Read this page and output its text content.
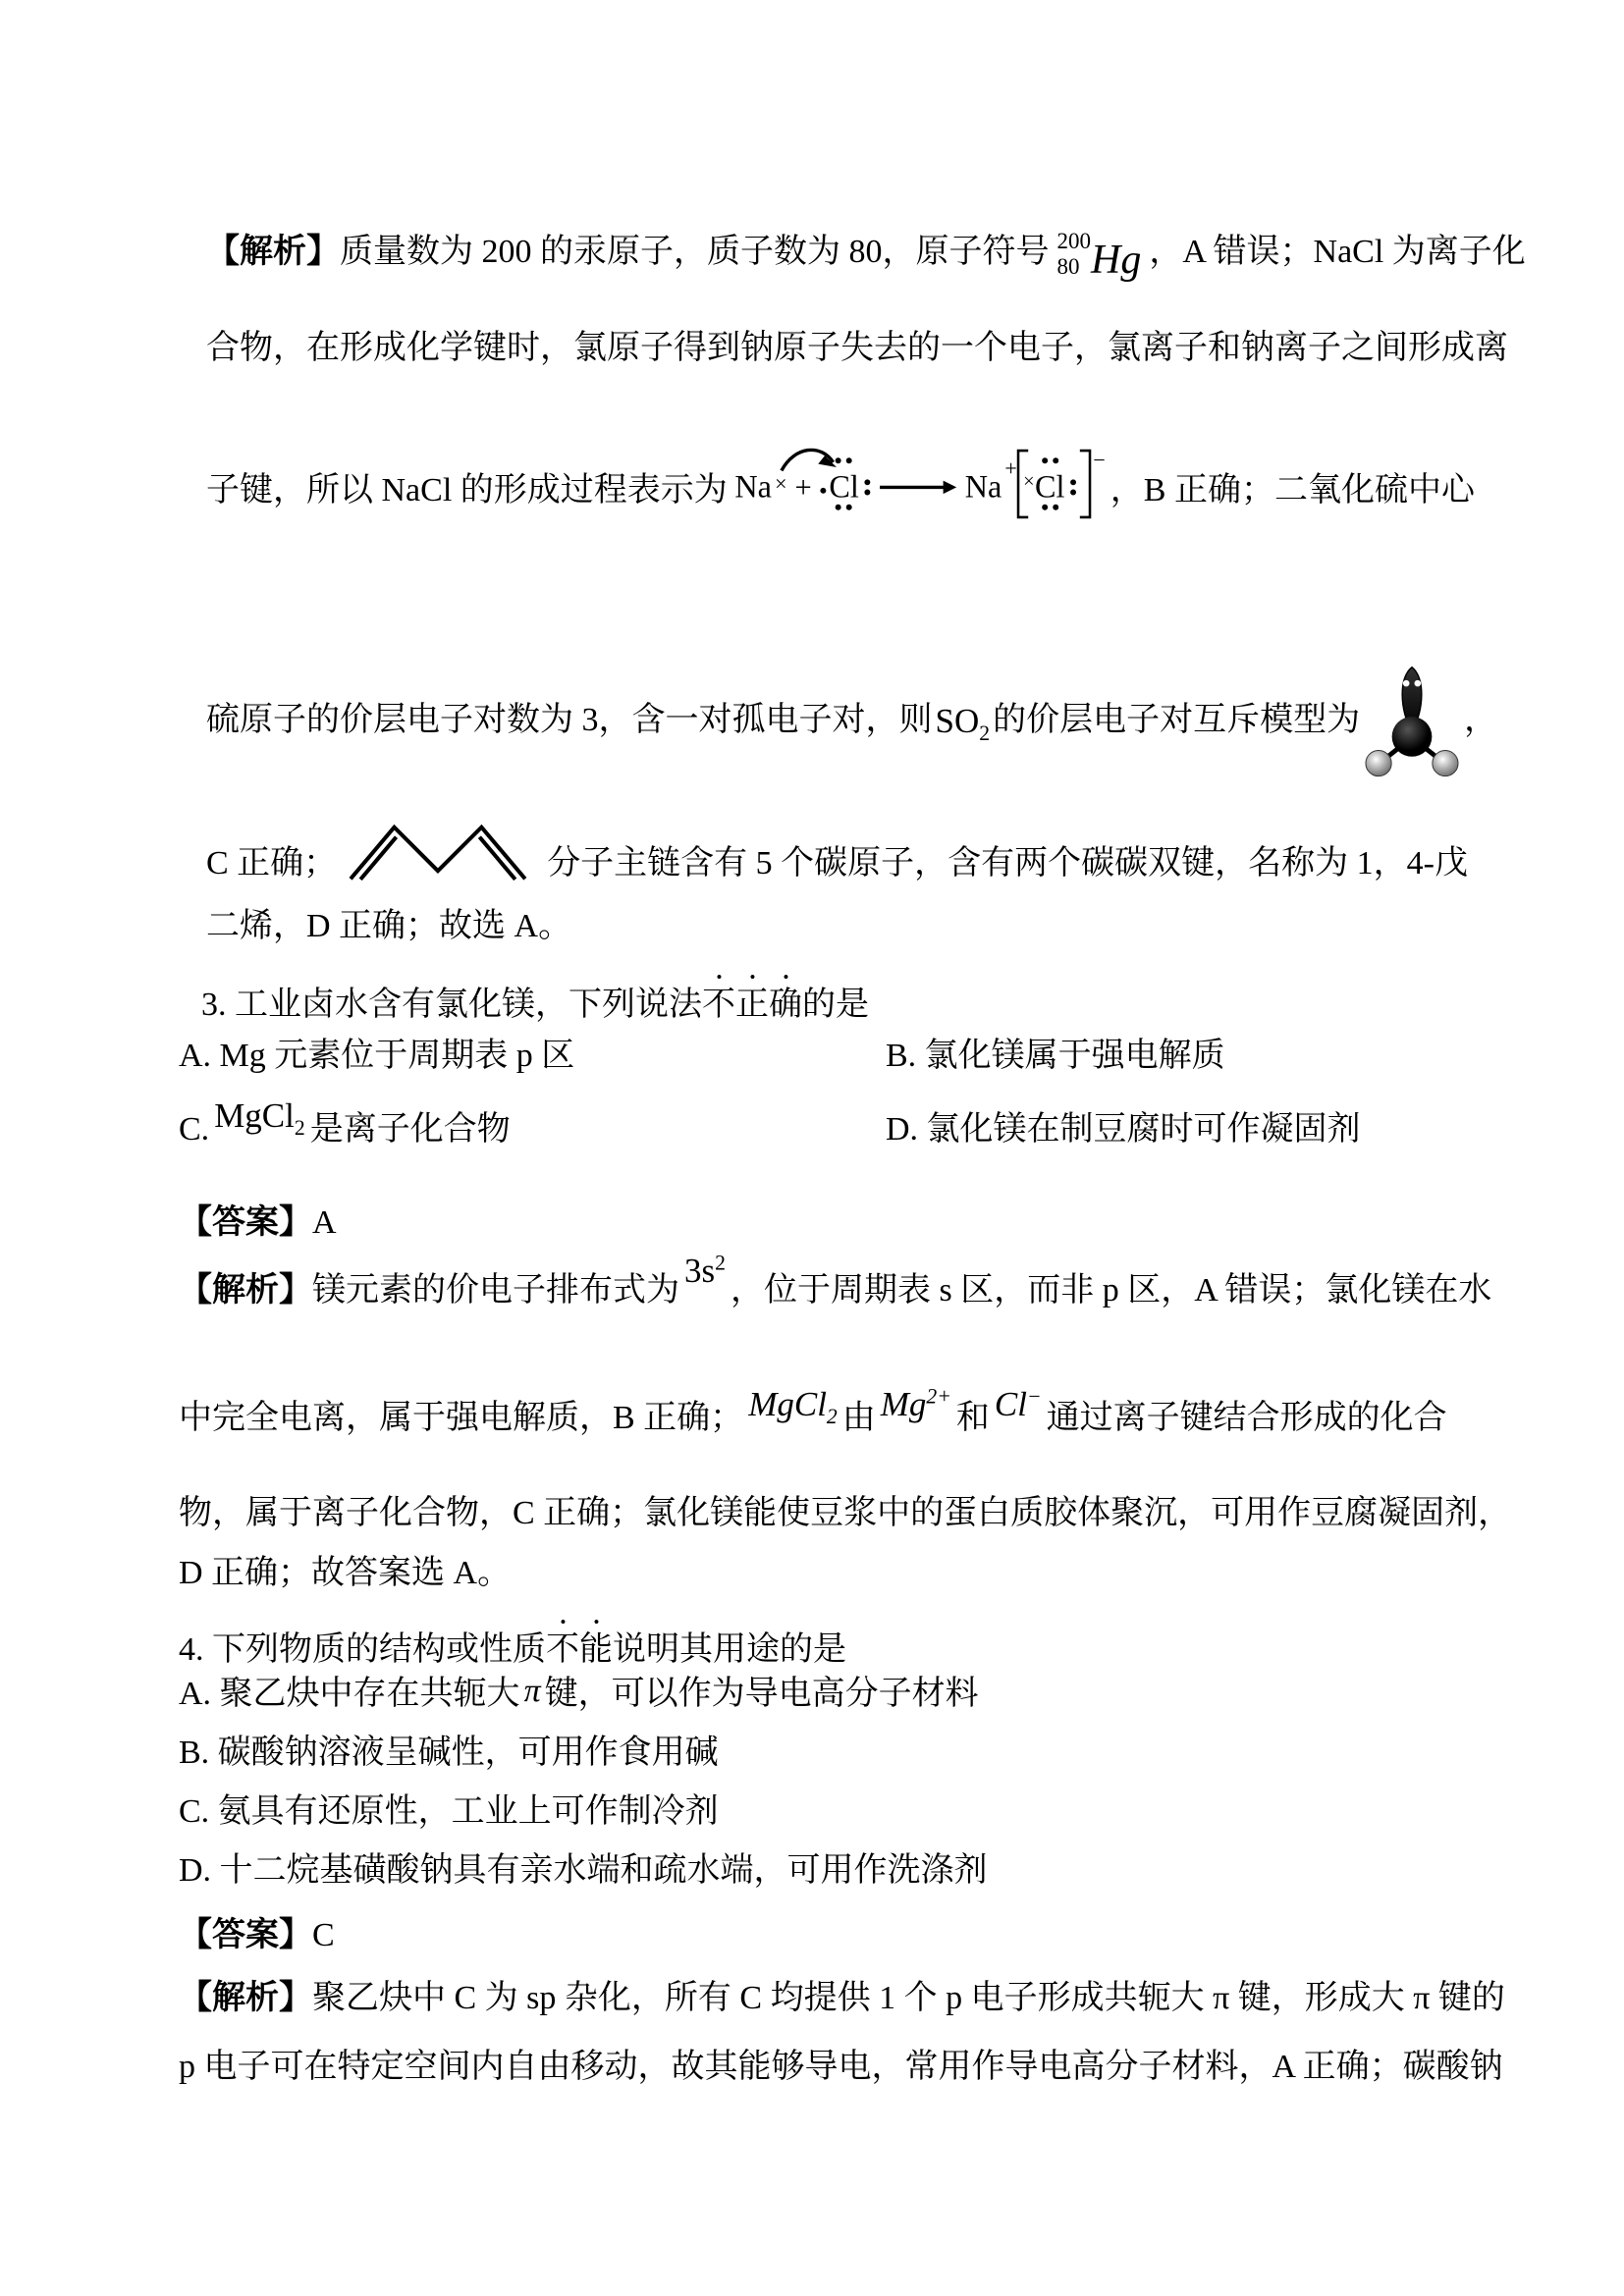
【解析】质量数为 200 的汞原子，质子数为 80，原子符号 200
80 Hg ，A 错误；NaCl 为离子化
合物，在形成化学键时，氯原子得到钠原子失去的一个电子，氯离子和钠离子之间形成离
子键，所以 NaCl 的形成过程表示为 Na × + Cl	Na
+
× Cl
−
，B 正确；二氧化硫中心
硫原子的价层电子对数为 3，含一对孤电子对，则$SO_2$的价层电子对互斥模型为	，
C 正确；	分子主链含有 5 个碳原子，含有两个碳碳双键，名称为 1，4-戊
二烯，D 正确；故选 A。
3. 工业卤水含有氯化镁，下列说法不正确的是
A. Mg 元素位于周期表 p 区	B. 氯化镁属于强电解质
C. MgCl$_2$ 是离子化合物	D. 氯化镁在制豆腐时可作凝固剂
【答案】A
【解析】镁元素的价电子排布式为$3s^2$，位于周期表 s 区，而非 p 区，A 错误；氯化镁在水
中完全电离，属于强电解质，B 正确； MgCl$_2$ 由 $Mg^{2+}$和 Cl−通过离子键结合形成的化合
物，属于离子化合物，C 正确；氯化镁能使豆浆中的蛋白质胶体聚沉，可用作豆腐凝固剂，
D 正确；故答案选 A。
4. 下列物质的结构或性质不能说明其用途的是
A. 聚乙炔中存在共轭大 π 键，可以作为导电高分子材料
B. 碳酸钠溶液呈碱性，可用作食用碱
C. 氨具有还原性，工业上可作制冷剂
D. 十二烷基磺酸钠具有亲水端和疏水端，可用作洗涤剂
【答案】C
【解析】聚乙炔中 C 为 sp 杂化，所有 C 均提供 1 个 p 电子形成共轭大 π 键，形成大 π 键的
p 电子可在特定空间内自由移动，故其能够导电，常用作导电高分子材料，A 正确；碳酸钠
